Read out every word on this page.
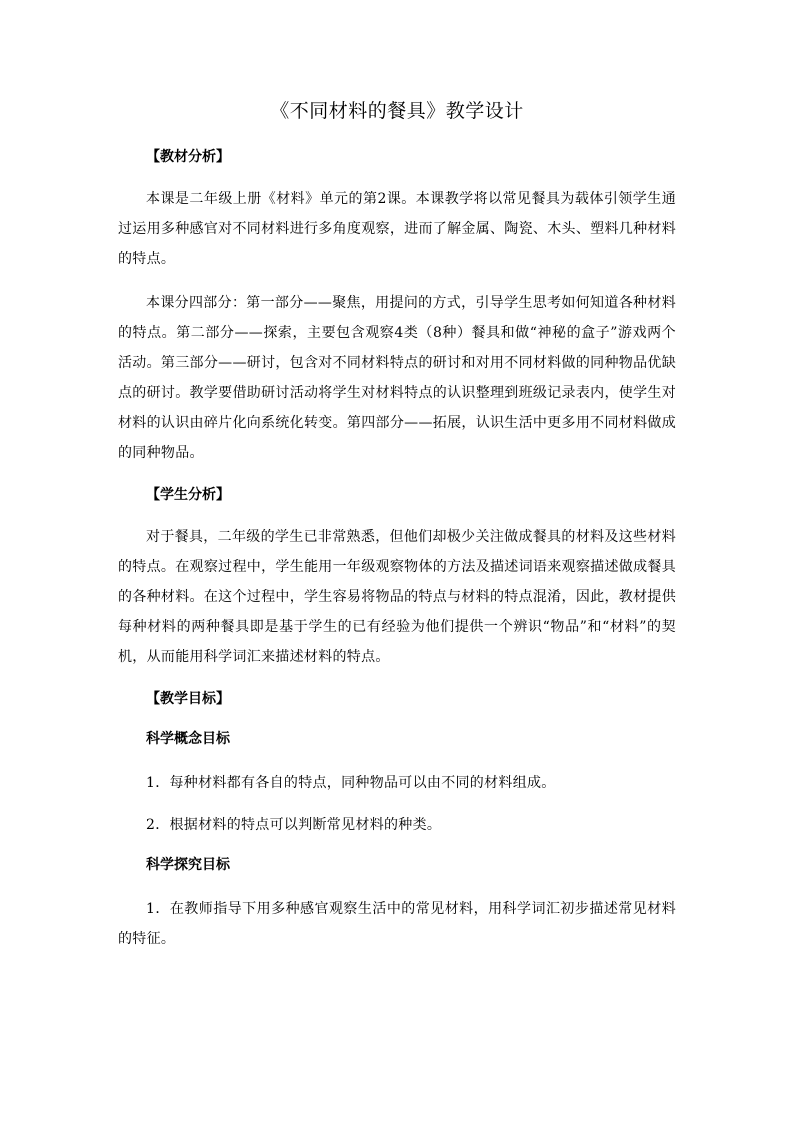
《不同材料的餐具》教学设计
【教材分析】

本课是二年级上册《材料》单元的第2课。本课教学将以常见餐具为载体引领学生通过运用多种感官对不同材料进行多角度观察，进而了解金属、陶瓷、木头、塑料几种材料的特点。

本课分四部分：第一部分——聚焦，用提问的方式，引导学生思考如何知道各种材料的特点。第二部分——探索，主要包含观察4类（8种）餐具和做“神秘的盒子”游戏两个活动。第三部分——研讨，包含对不同材料特点的研讨和对用不同材料做的同种物品优缺点的研讨。教学要借助研讨活动将学生对材料特点的认识整理到班级记录表内，使学生对材料的认识由碎片化向系统化转变。第四部分——拓展，认识生活中更多用不同材料做成的同种物品。

【学生分析】

对于餐具，二年级的学生已非常熟悉，但他们却极少关注做成餐具的材料及这些材料的特点。在观察过程中，学生能用一年级观察物体的方法及描述词语来观察描述做成餐具的各种材料。在这个过程中，学生容易将物品的特点与材料的特点混淆，因此，教材提供每种材料的两种餐具即是基于学生的已有经验为他们提供一个辨识“物品”和“材料”的契机，从而能用科学词汇来描述材料的特点。

【教学目标】
科学概念目标

1．每种材料都有各自的特点，同种物品可以由不同的材料组成。

2．根据材料的特点可以判断常见材料的种类。

科学探究目标

1．在教师指导下用多种感官观察生活中的常见材料，用科学词汇初步描述常见材料的特征。
